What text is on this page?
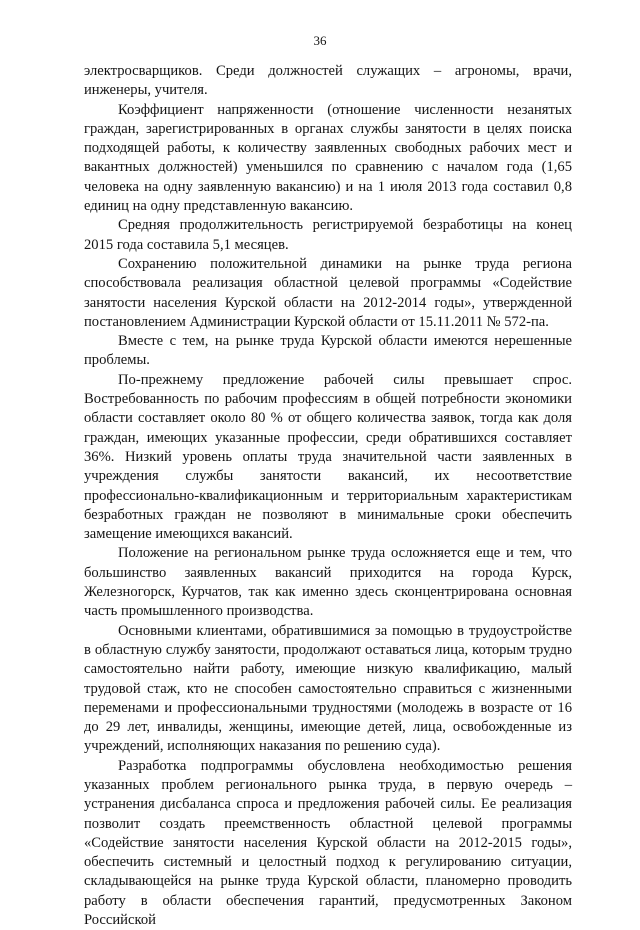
36

электросварщиков. Среди должностей служащих – агрономы, врачи, инженеры, учителя.

Коэффициент напряженности (отношение численности незанятых граждан, зарегистрированных в органах службы занятости в целях поиска подходящей работы, к количеству заявленных свободных рабочих мест и вакантных должностей) уменьшился по сравнению с началом года (1,65 человека на одну заявленную вакансию) и на 1 июля 2013 года составил 0,8 единиц на одну представленную вакансию.

Средняя продолжительность регистрируемой безработицы на конец 2015 года составила 5,1 месяцев.

Сохранению положительной динамики на рынке труда региона способствовала реализация областной целевой программы «Содействие занятости населения Курской области на 2012-2014 годы», утвержденной постановлением Администрации Курской области от 15.11.2011 № 572-па.

Вместе с тем, на рынке труда Курской области имеются нерешенные проблемы.

По-прежнему предложение рабочей силы превышает спрос. Востребованность по рабочим профессиям в общей потребности экономики области составляет около 80 % от общего количества заявок, тогда как доля граждан, имеющих указанные профессии, среди обратившихся составляет 36%. Низкий уровень оплаты труда значительной части заявленных в учреждения службы занятости вакансий, их несоответствие профессионально-квалификационным и территориальным характеристикам безработных граждан не позволяют в минимальные сроки обеспечить замещение имеющихся вакансий.

Положение на региональном рынке труда осложняется еще и тем, что большинство заявленных вакансий приходится на города Курск, Железногорск, Курчатов, так как именно здесь сконцентрирована основная часть промышленного производства.

Основными клиентами, обратившимися за помощью в трудоустройстве в областную службу занятости, продолжают оставаться лица, которым трудно самостоятельно найти работу, имеющие низкую квалификацию, малый трудовой стаж, кто не способен самостоятельно справиться с жизненными переменами и профессиональными трудностями (молодежь в возрасте от 16 до 29 лет, инвалиды, женщины, имеющие детей, лица, освобожденные из учреждений, исполняющих наказания по решению суда).

Разработка подпрограммы обусловлена необходимостью решения указанных проблем регионального рынка труда, в первую очередь – устранения дисбаланса спроса и предложения рабочей силы. Ее реализация позволит создать преемственность областной целевой программы «Содействие занятости населения Курской области на 2012-2015 годы», обеспечить системный и целостный подход к регулированию ситуации, складывающейся на рынке труда Курской области, планомерно проводить работу в области обеспечения гарантий, предусмотренных Законом Российской
